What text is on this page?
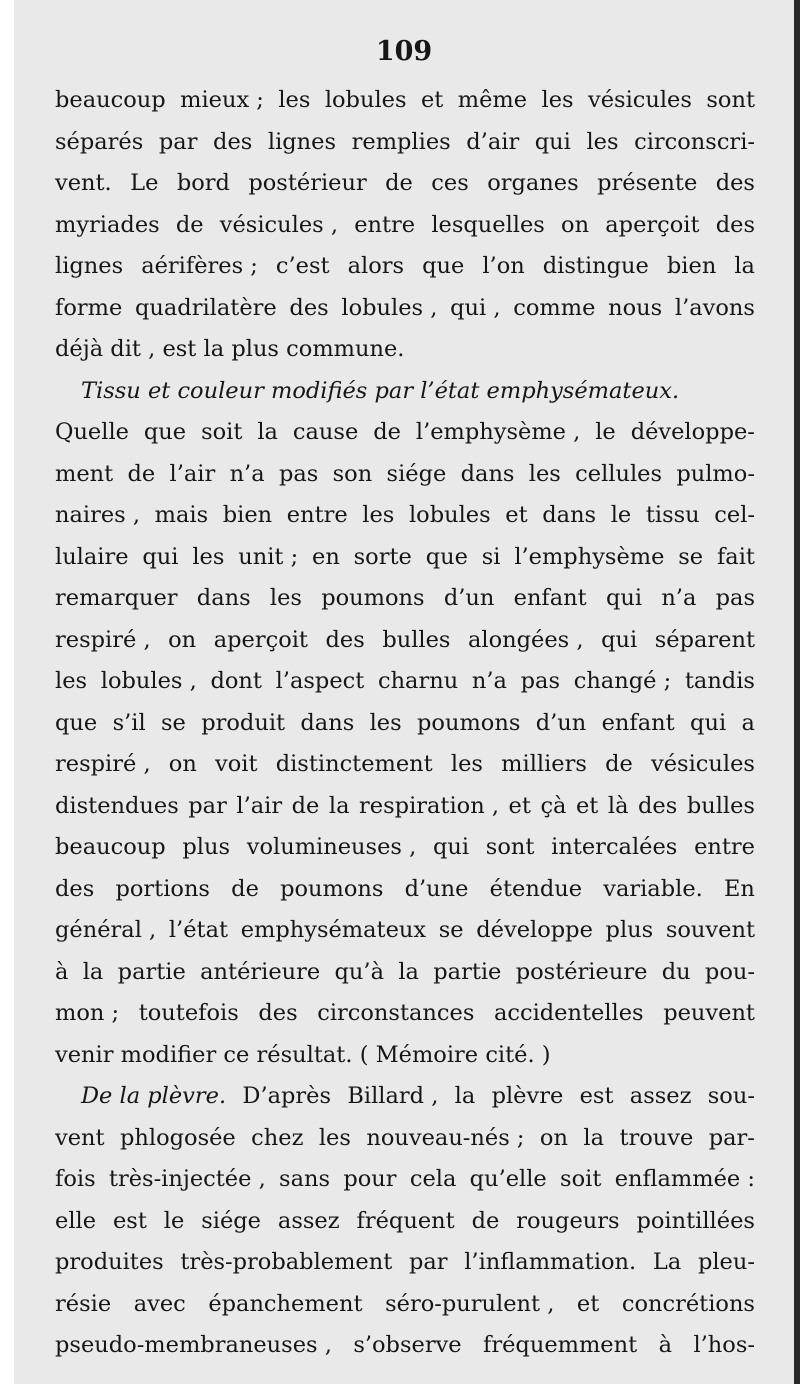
109
beaucoup mieux ; les lobules et même les vésicules sont
séparés par des lignes remplies d’air qui les circonscri-
vent. Le bord postérieur de ces organes présente des
myriades de vésicules , entre lesquelles on aperçoit des
lignes aérifères ; c’est alors que l’on distingue bien la
forme quadrilatère des lobules , qui , comme nous l’avons
déjà dit , est la plus commune.
Tissu et couleur modifiés par l’état emphysémateux.
Quelle que soit la cause de l’emphysème , le développe-
ment de l’air n’a pas son siége dans les cellules pulmo-
naires , mais bien entre les lobules et dans le tissu cel-
lulaire qui les unit ; en sorte que si l’emphysème se fait
remarquer dans les poumons d’un enfant qui n’a pas
respiré , on aperçoit des bulles alongées , qui séparent
les lobules , dont l’aspect charnu n’a pas changé ; tandis
que s’il se produit dans les poumons d’un enfant qui a
respiré , on voit distinctement les milliers de vésicules
distendues par l’air de la respiration , et çà et là des bulles
beaucoup plus volumineuses , qui sont intercalées entre
des portions de poumons d’une étendue variable. En
général , l’état emphysémateux se développe plus souvent
à la partie antérieure qu’à la partie postérieure du pou-
mon ; toutefois des circonstances accidentelles peuvent
venir modifier ce résultat. ( Mémoire cité. )
De la plèvre. D’après Billard , la plèvre est assez sou-
vent phlogosée chez les nouveau-nés ; on la trouve par-
fois très-injectée , sans pour cela qu’elle soit enflammée :
elle est le siége assez fréquent de rougeurs pointillées
produites très-probablement par l’inflammation. La pleu-
résie avec épanchement séro-purulent , et concrétions
pseudo-membraneuses , s’observe fréquemment à l’hos-
